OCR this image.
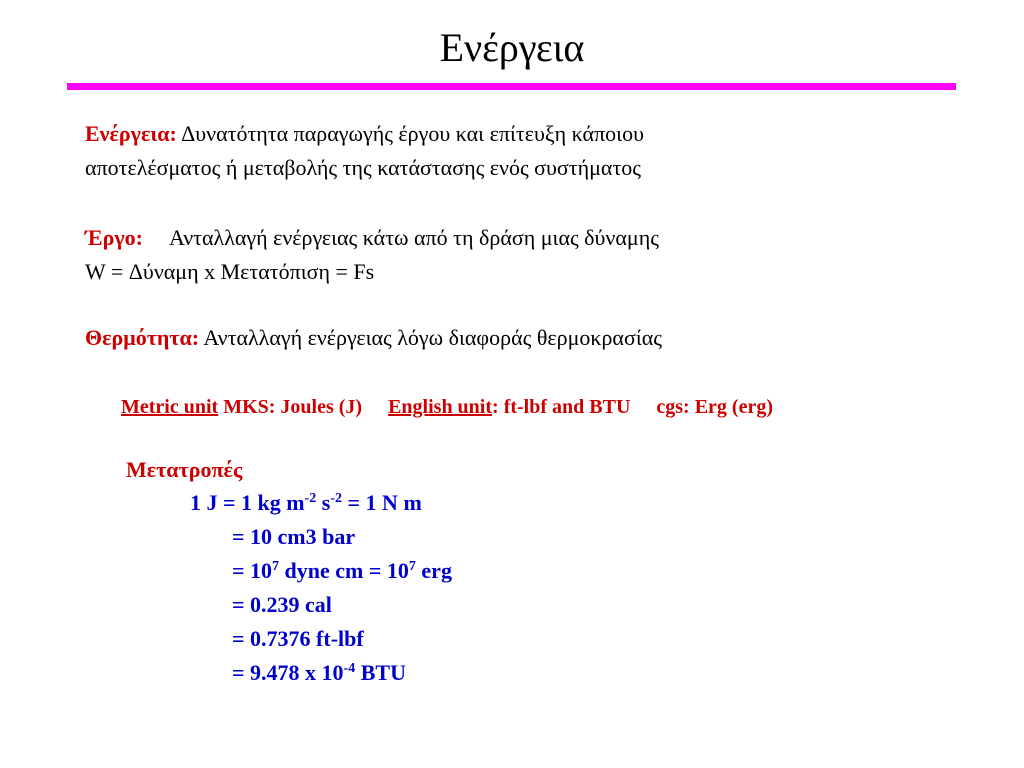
Ενέργεια
Ενέργεια: Δυνατότητα παραγωγής έργου και επίτευξη κάποιου
αποτελέσματος ή μεταβολής της κατάστασης ενός συστήματος
Έργο: Ανταλλαγή ενέργειας κάτω από τη δράση μιας δύναμης
W = Δύναμη x Μετατόπιση = Fs
Θερμότητα: Ανταλλαγή ενέργειας λόγω διαφοράς θερμοκρασίας
Metric unit MKS: Joules (J) English unit: ft-lbf and BTU cgs: Erg (erg)
Μετατροπές
1 J = 1 kg $m^{-2}$ $s^{-2} = 1$ N m
= 10 cm3 bar
= $10^7$ dyne cm = $10^7$ erg
= 0.239 cal
= 0.7376 ft-lbf
= 9.478 x $10^{-4}$ BTU
